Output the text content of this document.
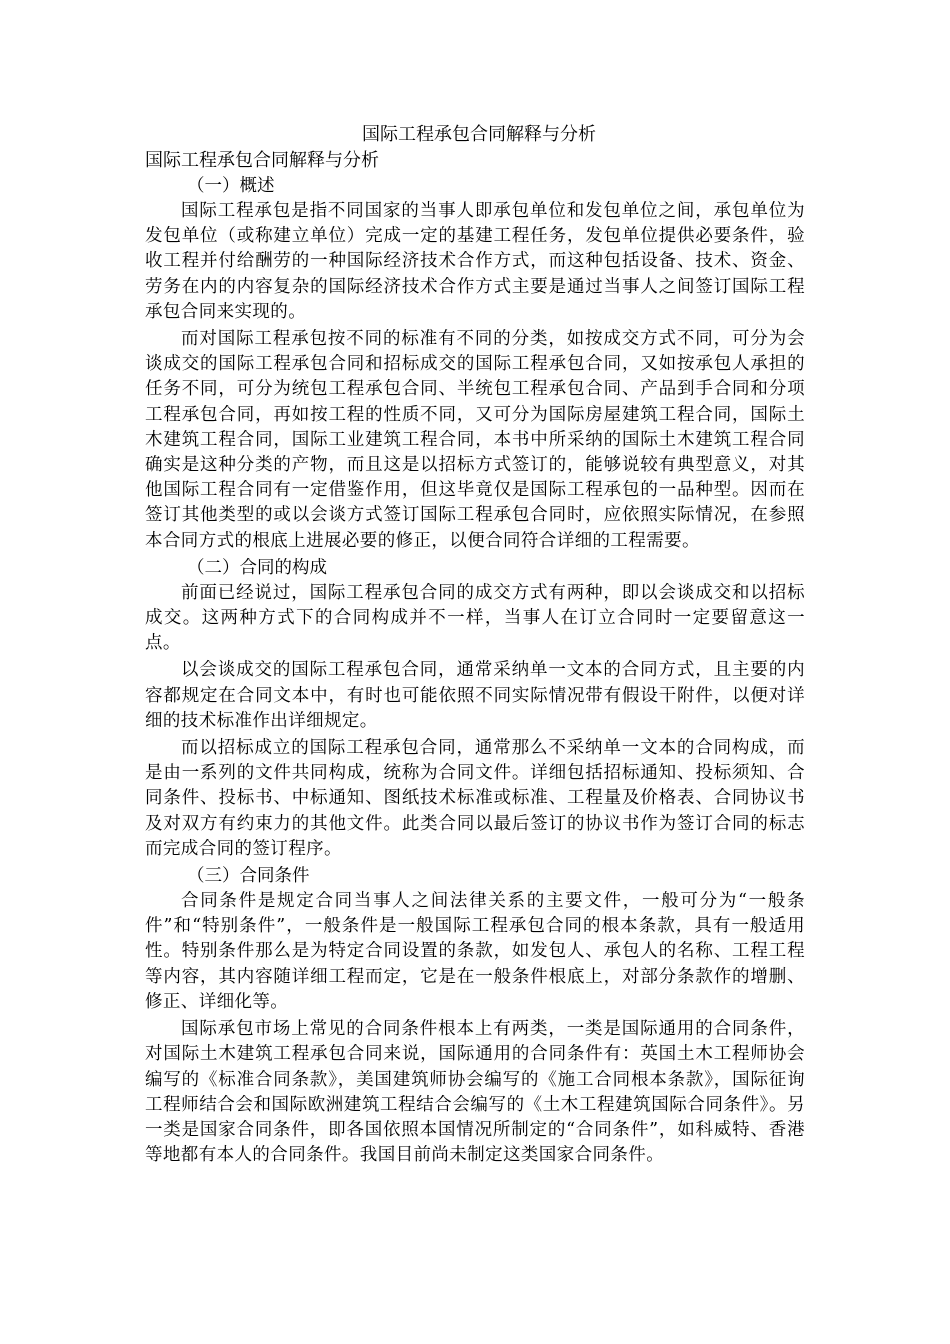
国际工程承包合同解释与分析
国际工程承包合同解释与分析
（一）概述

国际工程承包是指不同国家的当事人即承包单位和发包单位之间，承包单位为发包单位（或称建立单位）完成一定的基建工程任务，发包单位提供必要条件，验收工程并付给酬劳的一种国际经济技术合作方式，而这种包括设备、技术、资金、劳务在内的内容复杂的国际经济技术合作方式主要是通过当事人之间签订国际工程承包合同来实现的。

而对国际工程承包按不同的标准有不同的分类，如按成交方式不同，可分为会谈成交的国际工程承包合同和招标成交的国际工程承包合同，又如按承包人承担的任务不同，可分为统包工程承包合同、半统包工程承包合同、产品到手合同和分项工程承包合同，再如按工程的性质不同，又可分为国际房屋建筑工程合同，国际土木建筑工程合同，国际工业建筑工程合同，本书中所采纳的国际土木建筑工程合同确实是这种分类的产物，而且这是以招标方式签订的，能够说较有典型意义，对其他国际工程合同有一定借鉴作用，但这毕竟仅是国际工程承包的一品种型。因而在签订其他类型的或以会谈方式签订国际工程承包合同时，应依照实际情况，在参照本合同方式的根底上进展必要的修正，以便合同符合详细的工程需要。

（二）合同的构成

前面已经说过，国际工程承包合同的成交方式有两种，即以会谈成交和以招标成交。这两种方式下的合同构成并不一样，当事人在订立合同时一定要留意这一点。

以会谈成交的国际工程承包合同，通常采纳单一文本的合同方式，且主要的内容都规定在合同文本中，有时也可能依照不同实际情况带有假设干附件，以便对详细的技术标准作出详细规定。

而以招标成立的国际工程承包合同，通常那么不采纳单一文本的合同构成，而是由一系列的文件共同构成，统称为合同文件。详细包括招标通知、投标须知、合同条件、投标书、中标通知、图纸技术标准或标准、工程量及价格表、合同协议书及对双方有约束力的其他文件。此类合同以最后签订的协议书作为签订合同的标志而完成合同的签订程序。

（三）合同条件

合同条件是规定合同当事人之间法律关系的主要文件，一般可分为“一般条件”和“特别条件”，一般条件是一般国际工程承包合同的根本条款，具有一般适用性。特别条件那么是为特定合同设置的条款，如发包人、承包人的名称、工程工程等内容，其内容随详细工程而定，它是在一般条件根底上，对部分条款作的增删、修正、详细化等。

国际承包市场上常见的合同条件根本上有两类，一类是国际通用的合同条件，对国际土木建筑工程承包合同来说，国际通用的合同条件有：英国土木工程师协会编写的《标准合同条款》，美国建筑师协会编写的《施工合同根本条款》，国际征询工程师结合会和国际欧洲建筑工程结合会编写的《土木工程建筑国际合同条件》。另一类是国家合同条件，即各国依照本国情况所制定的“合同条件”，如科威特、香港等地都有本人的合同条件。我国目前尚未制定这类国家合同条件。
